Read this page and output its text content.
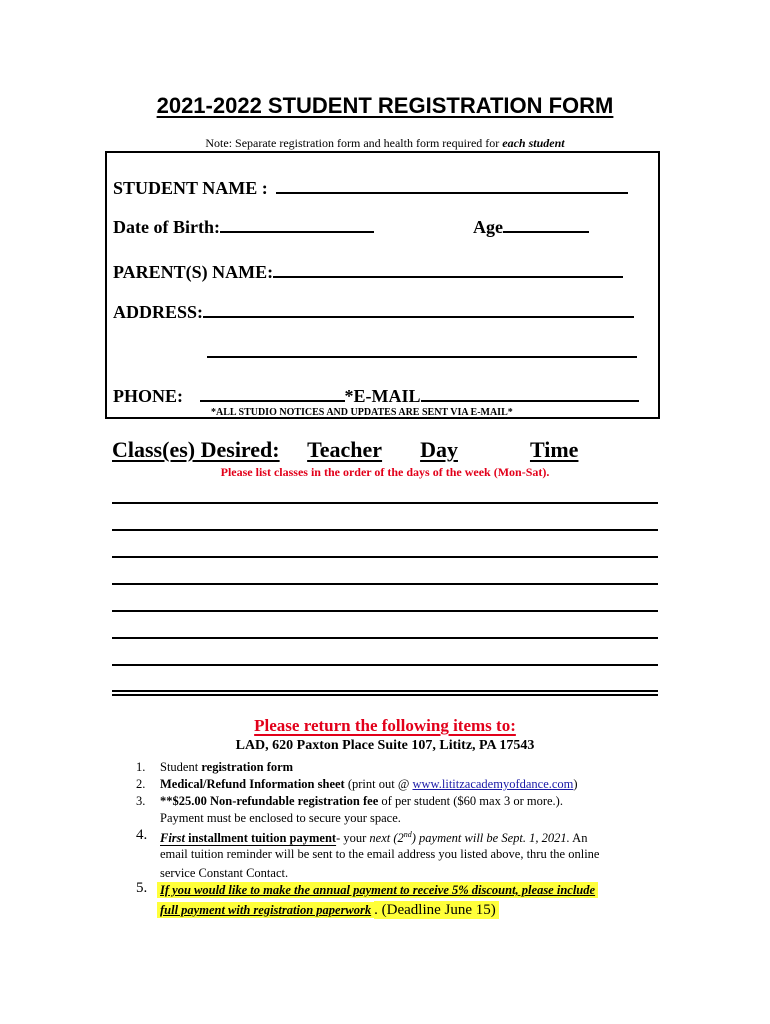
2021-2022 STUDENT REGISTRATION FORM
Note: Separate registration form and health form required for each student
STUDENT NAME :
Date of Birth:	Age
PARENT(S) NAME:
ADDRESS:
PHONE:	*E-MAIL
*ALL STUDIO NOTICES AND UPDATES ARE SENT VIA E-MAIL*
Class(es) Desired: Teacher Day	Time
Please list classes in the order of the days of the week (Mon-Sat).
Please return the following items to:
LAD, 620 Paxton Place Suite 107, Lititz, PA 17543
1. Student registration form
2. Medical/Refund Information sheet (print out @ www.lititzacademyofdance.com)
3. **$25.00 Non-refundable registration fee of per student ($60 max 3 or more.).
Payment must be enclosed to secure your space.
4. First installment tuition payment- your next (2nd) payment will be Sept. 1, 2021. An
email tuition reminder will be sent to the email address you listed above, thru the online
service Constant Contact.
5. If you would like to make the annual payment to receive 5% discount, please include
full payment with registration paperwork . (Deadline June 15)
